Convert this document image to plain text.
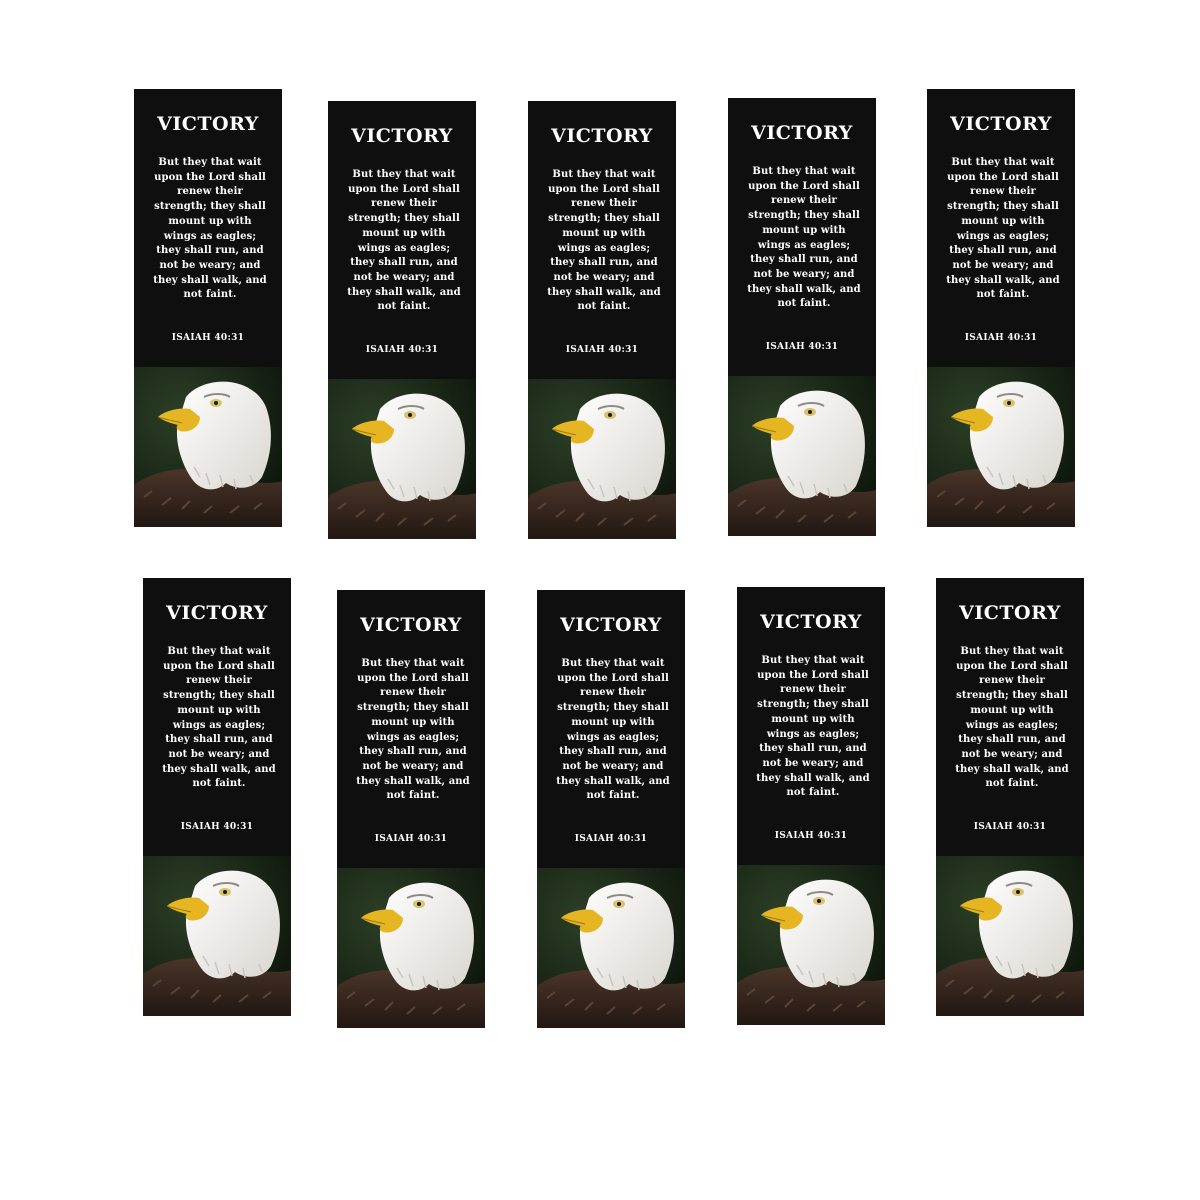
VICTORY
But they that wait upon the Lord shall renew their strength; they shall mount up with wings as eagles; they shall run, and not be weary; and they shall walk, and not faint.
ISAIAH 40:31
VICTORY
But they that wait upon the Lord shall renew their strength; they shall mount up with wings as eagles; they shall run, and not be weary; and they shall walk, and not faint.
ISAIAH 40:31
VICTORY
But they that wait upon the Lord shall renew their strength; they shall mount up with wings as eagles; they shall run, and not be weary; and they shall walk, and not faint.
ISAIAH 40:31
VICTORY
But they that wait upon the Lord shall renew their strength; they shall mount up with wings as eagles; they shall run, and not be weary; and they shall walk, and not faint.
ISAIAH 40:31
VICTORY
But they that wait upon the Lord shall renew their strength; they shall mount up with wings as eagles; they shall run, and not be weary; and they shall walk, and not faint.
ISAIAH 40:31
VICTORY
But they that wait upon the Lord shall renew their strength; they shall mount up with wings as eagles; they shall run, and not be weary; and they shall walk, and not faint.
ISAIAH 40:31
VICTORY
But they that wait upon the Lord shall renew their strength; they shall mount up with wings as eagles; they shall run, and not be weary; and they shall walk, and not faint.
ISAIAH 40:31
VICTORY
But they that wait upon the Lord shall renew their strength; they shall mount up with wings as eagles; they shall run, and not be weary; and they shall walk, and not faint.
ISAIAH 40:31
VICTORY
But they that wait upon the Lord shall renew their strength; they shall mount up with wings as eagles; they shall run, and not be weary; and they shall walk, and not faint.
ISAIAH 40:31
VICTORY
But they that wait upon the Lord shall renew their strength; they shall mount up with wings as eagles; they shall run, and not be weary; and they shall walk, and not faint.
ISAIAH 40:31
